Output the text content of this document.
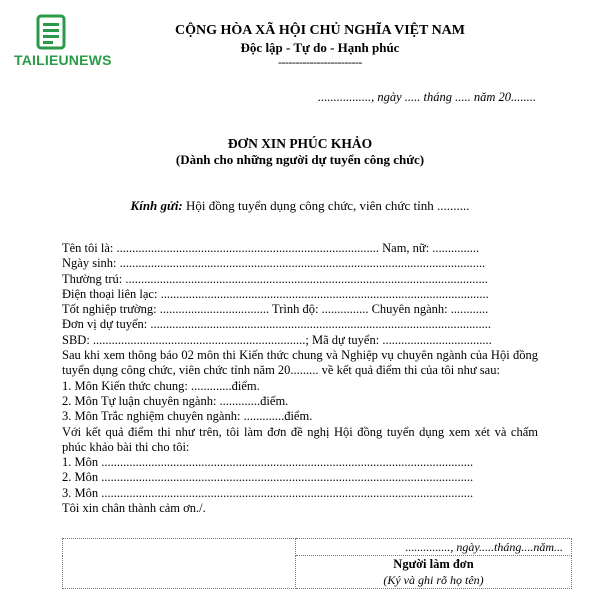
TAILIEUNEWS
CỘNG HÒA XÃ HỘI CHỦ NGHĨA VIỆT NAM
Độc lập - Tự do - Hạnh phúc
------------------------
................., ngày ..... tháng ..... năm 20........
ĐƠN XIN PHÚC KHẢO
(Dành cho những người dự tuyển công chức)
Kính gửi: Hội đồng tuyển dụng công chức, viên chức tỉnh ..........
Tên tôi là: .................................................................................... Nam, nữ: ...............
Ngày sinh: .....................................................................................................................
Thường trú: ....................................................................................................................
Điện thoại liên lạc: .........................................................................................................
Tốt nghiệp trường: ................................... Trình độ: ............... Chuyên ngành: ............
Đơn vị dự tuyển: .............................................................................................................
SBD: ....................................................................; Mã dự tuyển: ...................................
Sau khi xem thông báo 02 môn thi Kiến thức chung và Nghiệp vụ chuyên ngành của Hội đồng tuyển dụng công chức, viên chức tỉnh năm 20......... về kết quả điểm thi của tôi như sau:
1. Môn Kiến thức chung: .............điểm.
2. Môn Tự luận chuyên ngành: .............điểm.
3. Môn Trắc nghiệm chuyên ngành: .............điểm.
Với kết quả điểm thi như trên, tôi làm đơn đề nghị Hội đồng tuyển dụng xem xét và chấm phúc khảo bài thi cho tôi:
1. Môn .......................................................................................................................
2. Môn .......................................................................................................................
3. Môn .......................................................................................................................
Tôi xin chân thành cảm ơn./.
	..............., ngày.....tháng....năm...

Người làm đơn
(Ký và ghi rõ họ tên)
